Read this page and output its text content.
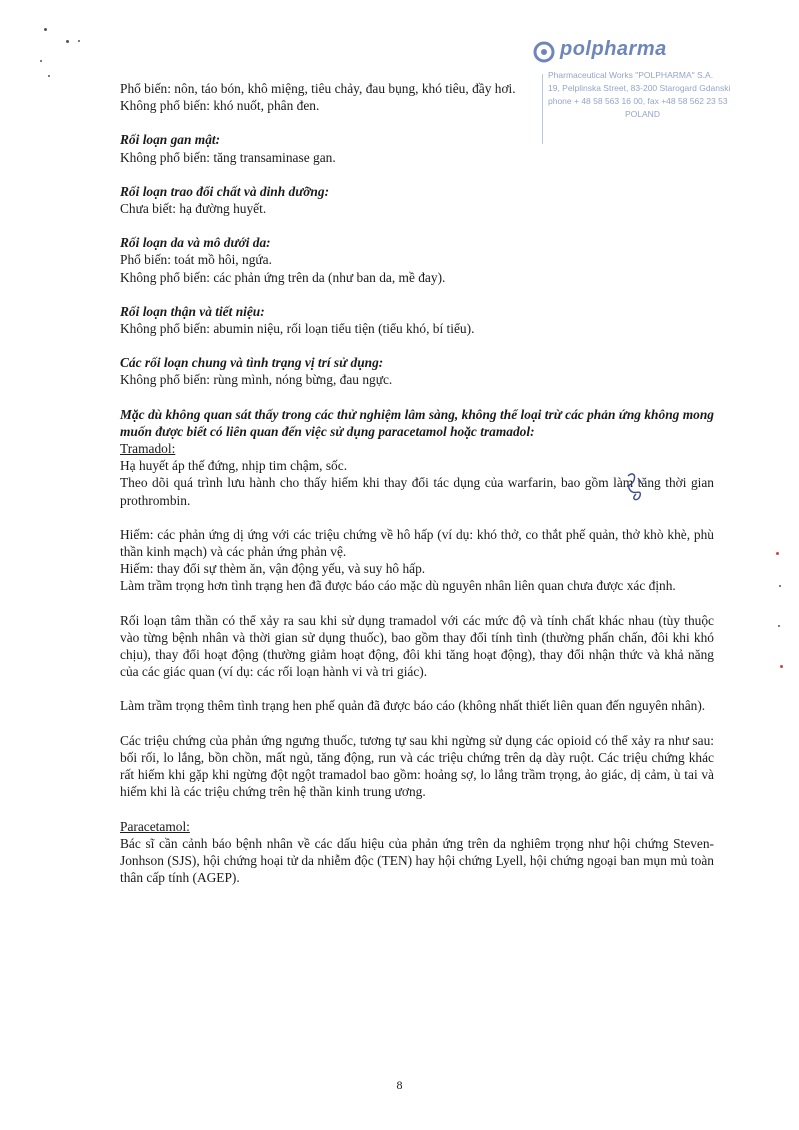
polpharma
Pharmaceutical Works "POLPHARMA" S.A.
19, Pelplinska Street, 83-200 Starogard Gdanski
phone + 48 58 563 16 00, fax +48 58 562 23 53
POLAND

Phổ biến: nôn, táo bón, khô miệng, tiêu chảy, đau bụng, khó tiêu, đầy hơi.

Không phổ biến: khó nuốt, phân đen.

Rối loạn gan mật:

Không phổ biến: tăng transaminase gan.

Rối loạn trao đổi chất và dinh dưỡng:

Chưa biết: hạ đường huyết.

Rối loạn da và mô dưới da:

Phổ biến: toát mồ hôi, ngứa.

Không phổ biến: các phản ứng trên da (như ban da, mề đay).

Rối loạn thận và tiết niệu:

Không phổ biến: abumin niệu, rối loạn tiểu tiện (tiểu khó, bí tiểu).

Các rối loạn chung và tình trạng vị trí sử dụng:

Không phổ biến: rùng mình, nóng bừng, đau ngực.

Mặc dù không quan sát thấy trong các thử nghiệm lâm sàng, không thể loại trừ các phản ứng không mong muốn được biết có liên quan đến việc sử dụng paracetamol hoặc tramadol:

Tramadol:

Hạ huyết áp thế đứng, nhịp tim chậm, sốc.

Theo dõi quá trình lưu hành cho thấy hiếm khi thay đổi tác dụng của warfarin, bao gồm làm tăng thời gian prothrombin.

Hiếm: các phản ứng dị ứng với các triệu chứng về hô hấp (ví dụ: khó thở, co thắt phế quản, thở khò khè, phù thần kinh mạch) và các phản ứng phản vệ.

Hiếm: thay đổi sự thèm ăn, vận động yếu, và suy hô hấp.

Làm trầm trọng hơn tình trạng hen đã được báo cáo mặc dù nguyên nhân liên quan chưa được xác định.

Rối loạn tâm thần có thể xảy ra sau khi sử dụng tramadol với các mức độ và tính chất khác nhau (tùy thuộc vào từng bệnh nhân và thời gian sử dụng thuốc), bao gồm thay đổi tính tình (thường phấn chấn, đôi khi khó chịu), thay đổi hoạt động (thường giảm hoạt động, đôi khi tăng hoạt động), thay đổi nhận thức và khả năng của các giác quan (ví dụ: các rối loạn hành vi và tri giác).

Làm trầm trọng thêm tình trạng hen phế quản đã được báo cáo (không nhất thiết liên quan đến nguyên nhân).

Các triệu chứng của phản ứng ngưng thuốc, tương tự sau khi ngừng sử dụng các opioid có thể xảy ra như sau: bối rối, lo lắng, bồn chồn, mất ngủ, tăng động, run và các triệu chứng trên dạ dày ruột. Các triệu chứng khác rất hiếm khi gặp khi ngừng đột ngột tramadol bao gồm: hoảng sợ, lo lắng trầm trọng, ảo giác, dị cảm, ù tai và hiếm khi là các triệu chứng trên hệ thần kinh trung ương.

Paracetamol:

Bác sĩ cần cảnh báo bệnh nhân về các dấu hiệu của phản ứng trên da nghiêm trọng như hội chứng Steven-Jonhson (SJS), hội chứng hoại tử da nhiễm độc (TEN) hay hội chứng Lyell, hội chứng ngoại ban mụn mủ toàn thân cấp tính (AGEP).

8
